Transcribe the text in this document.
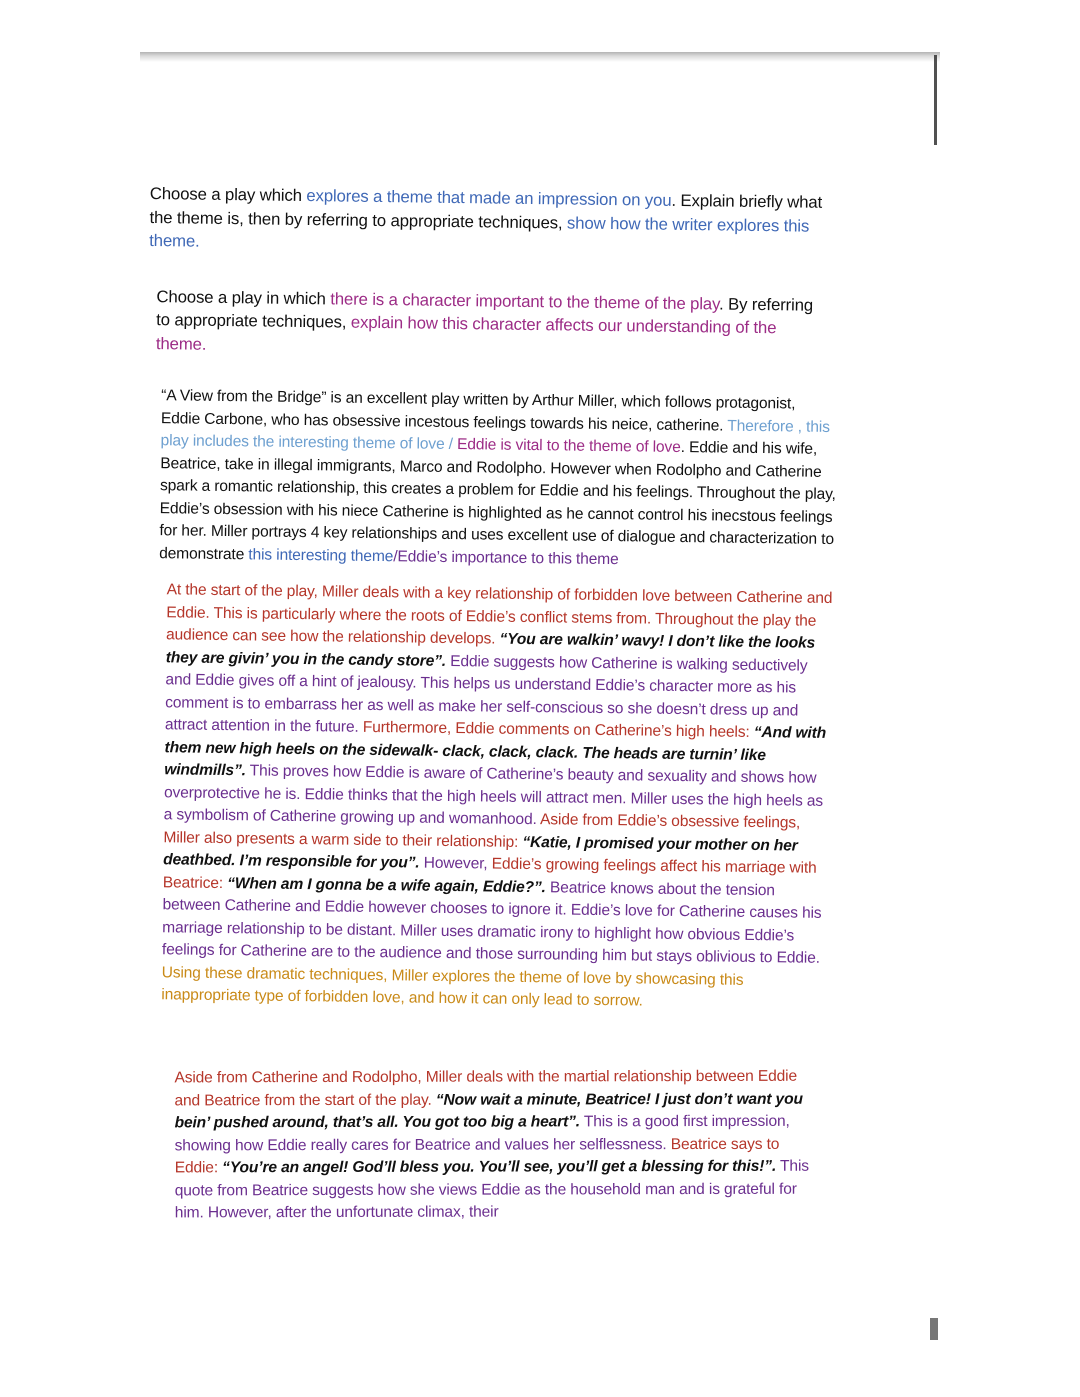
Choose a play which explores a theme that made an impression on you. Explain briefly what the theme is, then by referring to appropriate techniques, show how the writer explores this theme.

Choose a play in which there is a character important to the theme of the play. By referring to appropriate techniques, explain how this character affects our understanding of the theme.

“A View from the Bridge” is an excellent play written by Arthur Miller, which follows protagonist, Eddie Carbone, who has obsessive incestous feelings towards his neice, catherine. Therefore , this play includes the interesting theme of love / Eddie is vital to the theme of love. Eddie and his wife, Beatrice, take in illegal immigrants, Marco and Rodolpho. However when Rodolpho and Catherine spark a romantic relationship, this creates a problem for Eddie and his feelings. Throughout the play, Eddie’s obsession with his niece Catherine is highlighted as he cannot control his inecstous feelings for her. Miller portrays 4 key relationships and uses excellent use of dialogue and characterization to demonstrate this interesting theme/Eddie’s importance to this theme

At the start of the play, Miller deals with a key relationship of forbidden love between Catherine and Eddie. This is particularly where the roots of Eddie’s conflict stems from. Throughout the play the audience can see how the relationship develops. “You are walkin’ wavy! I don’t like the looks they are givin’ you in the candy store”. Eddie suggests how Catherine is walking seductively and Eddie gives off a hint of jealousy. This helps us understand Eddie’s character more as his comment is to embarrass her as well as make her self-conscious so she doesn’t dress up and attract attention in the future. Furthermore, Eddie comments on Catherine’s high heels: “And with them new high heels on the sidewalk- clack, clack, clack. The heads are turnin’ like windmills”. This proves how Eddie is aware of Catherine’s beauty and sexuality and shows how overprotective he is. Eddie thinks that the high heels will attract men. Miller uses the high heels as a symbolism of Catherine growing up and womanhood. Aside from Eddie’s obsessive feelings, Miller also presents a warm side to their relationship: “Katie, I promised your mother on her deathbed. I’m responsible for you”. However, Eddie’s growing feelings affect his marriage with Beatrice: “When am I gonna be a wife again, Eddie?”. Beatrice knows about the tension between Catherine and Eddie however chooses to ignore it. Eddie’s love for Catherine causes his marriage relationship to be distant. Miller uses dramatic irony to highlight how obvious Eddie’s feelings for Catherine are to the audience and those surrounding him but stays oblivious to Eddie. Using these dramatic techniques, Miller explores the theme of love by showcasing this inappropriate type of forbidden love, and how it can only lead to sorrow.

Aside from Catherine and Rodolpho, Miller deals with the martial relationship between Eddie and Beatrice from the start of the play. “Now wait a minute, Beatrice! I just don’t want you bein’ pushed around, that’s all. You got too big a heart”. This is a good first impression, showing how Eddie really cares for Beatrice and values her selflessness. Beatrice says to Eddie: “You’re an angel! God’ll bless you. You’ll see, you’ll get a blessing for this!”. This quote from Beatrice suggests how she views Eddie as the household man and is grateful for him. However, after the unfortunate climax, their
